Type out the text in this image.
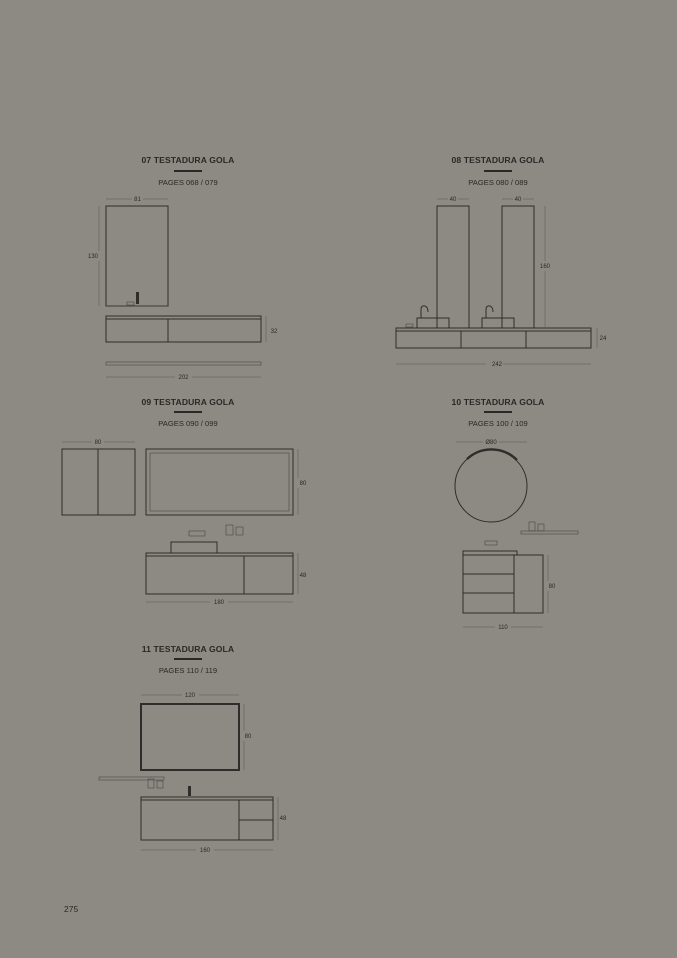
07 TESTADURA GOLA
PAGES 068 / 079
08 TESTADURA GOLA
PAGES 080 / 089
09 TESTADURA GOLA
PAGES 090 / 099
10 TESTADURA GOLA
PAGES 100 / 109
11 TESTADURA GOLA
PAGES 110 / 119
275
81
130
32
202
40	40
160
24
242
80
80
48
180
Ø80
80
110
120
80
48
160
